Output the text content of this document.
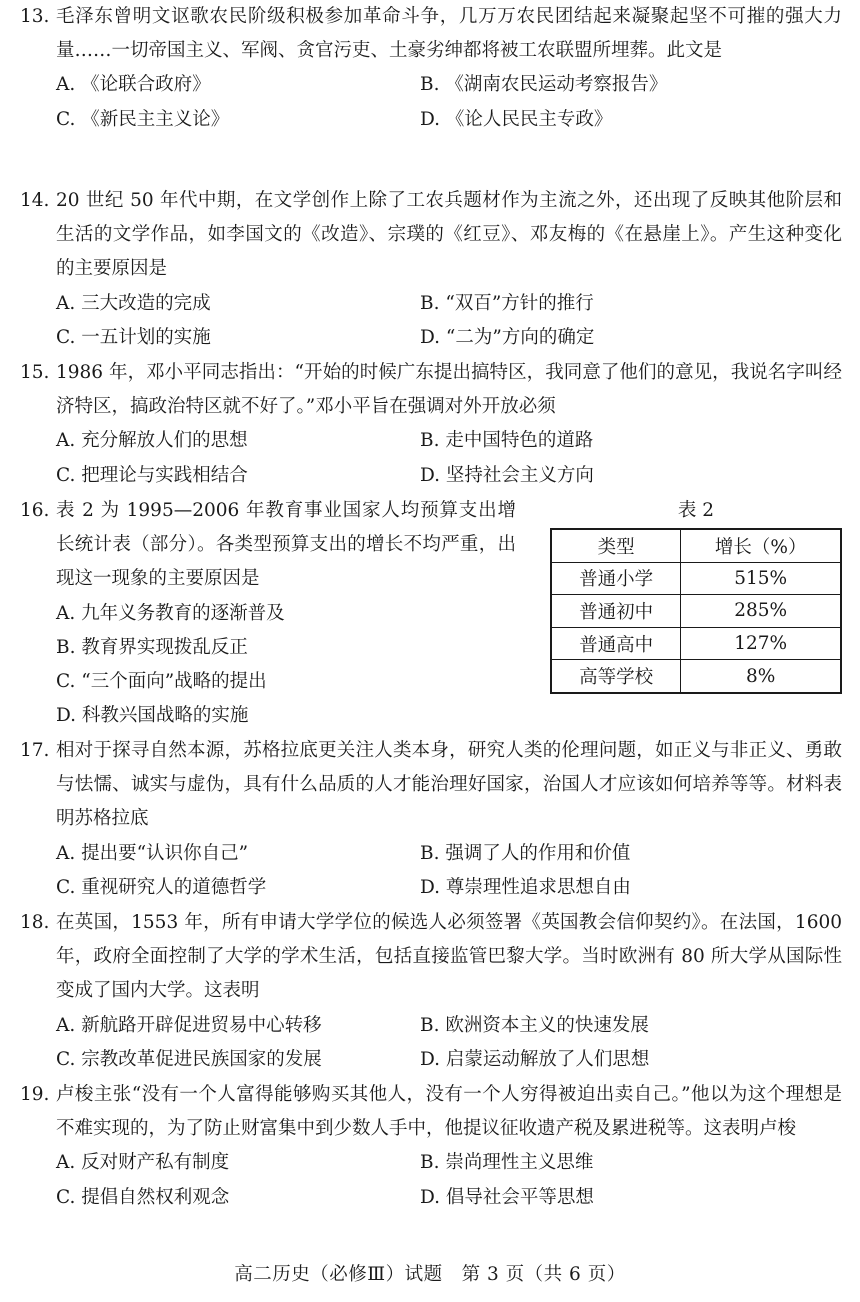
13. 毛泽东曾明文讴歌农民阶级积极参加革命斗争，几万万农民团结起来凝聚起坚不可摧的强大力量……一切帝国主义、军阀、贪官污吏、土豪劣绅都将被工农联盟所埋葬。此文是
A. 《论联合政府》	B. 《湖南农民运动考察报告》
C. 《新民主主义论》	D. 《论人民民主专政》
14. 20 世纪 50 年代中期，在文学创作上除了工农兵题材作为主流之外，还出现了反映其他阶层和生活的文学作品，如李国文的《改造》、宗璞的《红豆》、邓友梅的《在悬崖上》。产生这种变化的主要原因是
A. 三大改造的完成	B. “双百”方针的推行
C. 一五计划的实施	D. “二为”方向的确定
15. 1986 年，邓小平同志指出：“开始的时候广东提出搞特区，我同意了他们的意见，我说名字叫经济特区，搞政治特区就不好了。”邓小平旨在强调对外开放必须
A. 充分解放人们的思想	B. 走中国特色的道路
C. 把理论与实践相结合	D. 坚持社会主义方向
16. 表 2 为 1995—2006 年教育事业国家人均预算支出增长统计表（部分）。各类型预算支出的增长不均严重，出现这一现象的主要原因是
A. 九年义务教育的逐渐普及
B. 教育界实现拨乱反正
C. “三个面向”战略的提出
D. 科教兴国战略的实施
表 2
类型	增长（%）
普通小学	515%
普通初中	285%
普通高中	127%
高等学校	8%
17. 相对于探寻自然本源，苏格拉底更关注人类本身，研究人类的伦理问题，如正义与非正义、勇敢与怯懦、诚实与虚伪，具有什么品质的人才能治理好国家，治国人才应该如何培养等等。材料表明苏格拉底
A. 提出要“认识你自己”	B. 强调了人的作用和价值
C. 重视研究人的道德哲学	D. 尊崇理性追求思想自由
18. 在英国，1553 年，所有申请大学学位的候选人必须签署《英国教会信仰契约》。在法国，1600 年，政府全面控制了大学的学术生活，包括直接监管巴黎大学。当时欧洲有 80 所大学从国际性变成了国内大学。这表明
A. 新航路开辟促进贸易中心转移	B. 欧洲资本主义的快速发展
C. 宗教改革促进民族国家的发展	D. 启蒙运动解放了人们思想
19. 卢梭主张“没有一个人富得能够购买其他人，没有一个人穷得被迫出卖自己。”他以为这个理想是不难实现的，为了防止财富集中到少数人手中，他提议征收遗产税及累进税等。这表明卢梭
A. 反对财产私有制度	B. 崇尚理性主义思维
C. 提倡自然权利观念	D. 倡导社会平等思想
高二历史（必修Ⅲ）试题　第 3 页（共 6 页）
